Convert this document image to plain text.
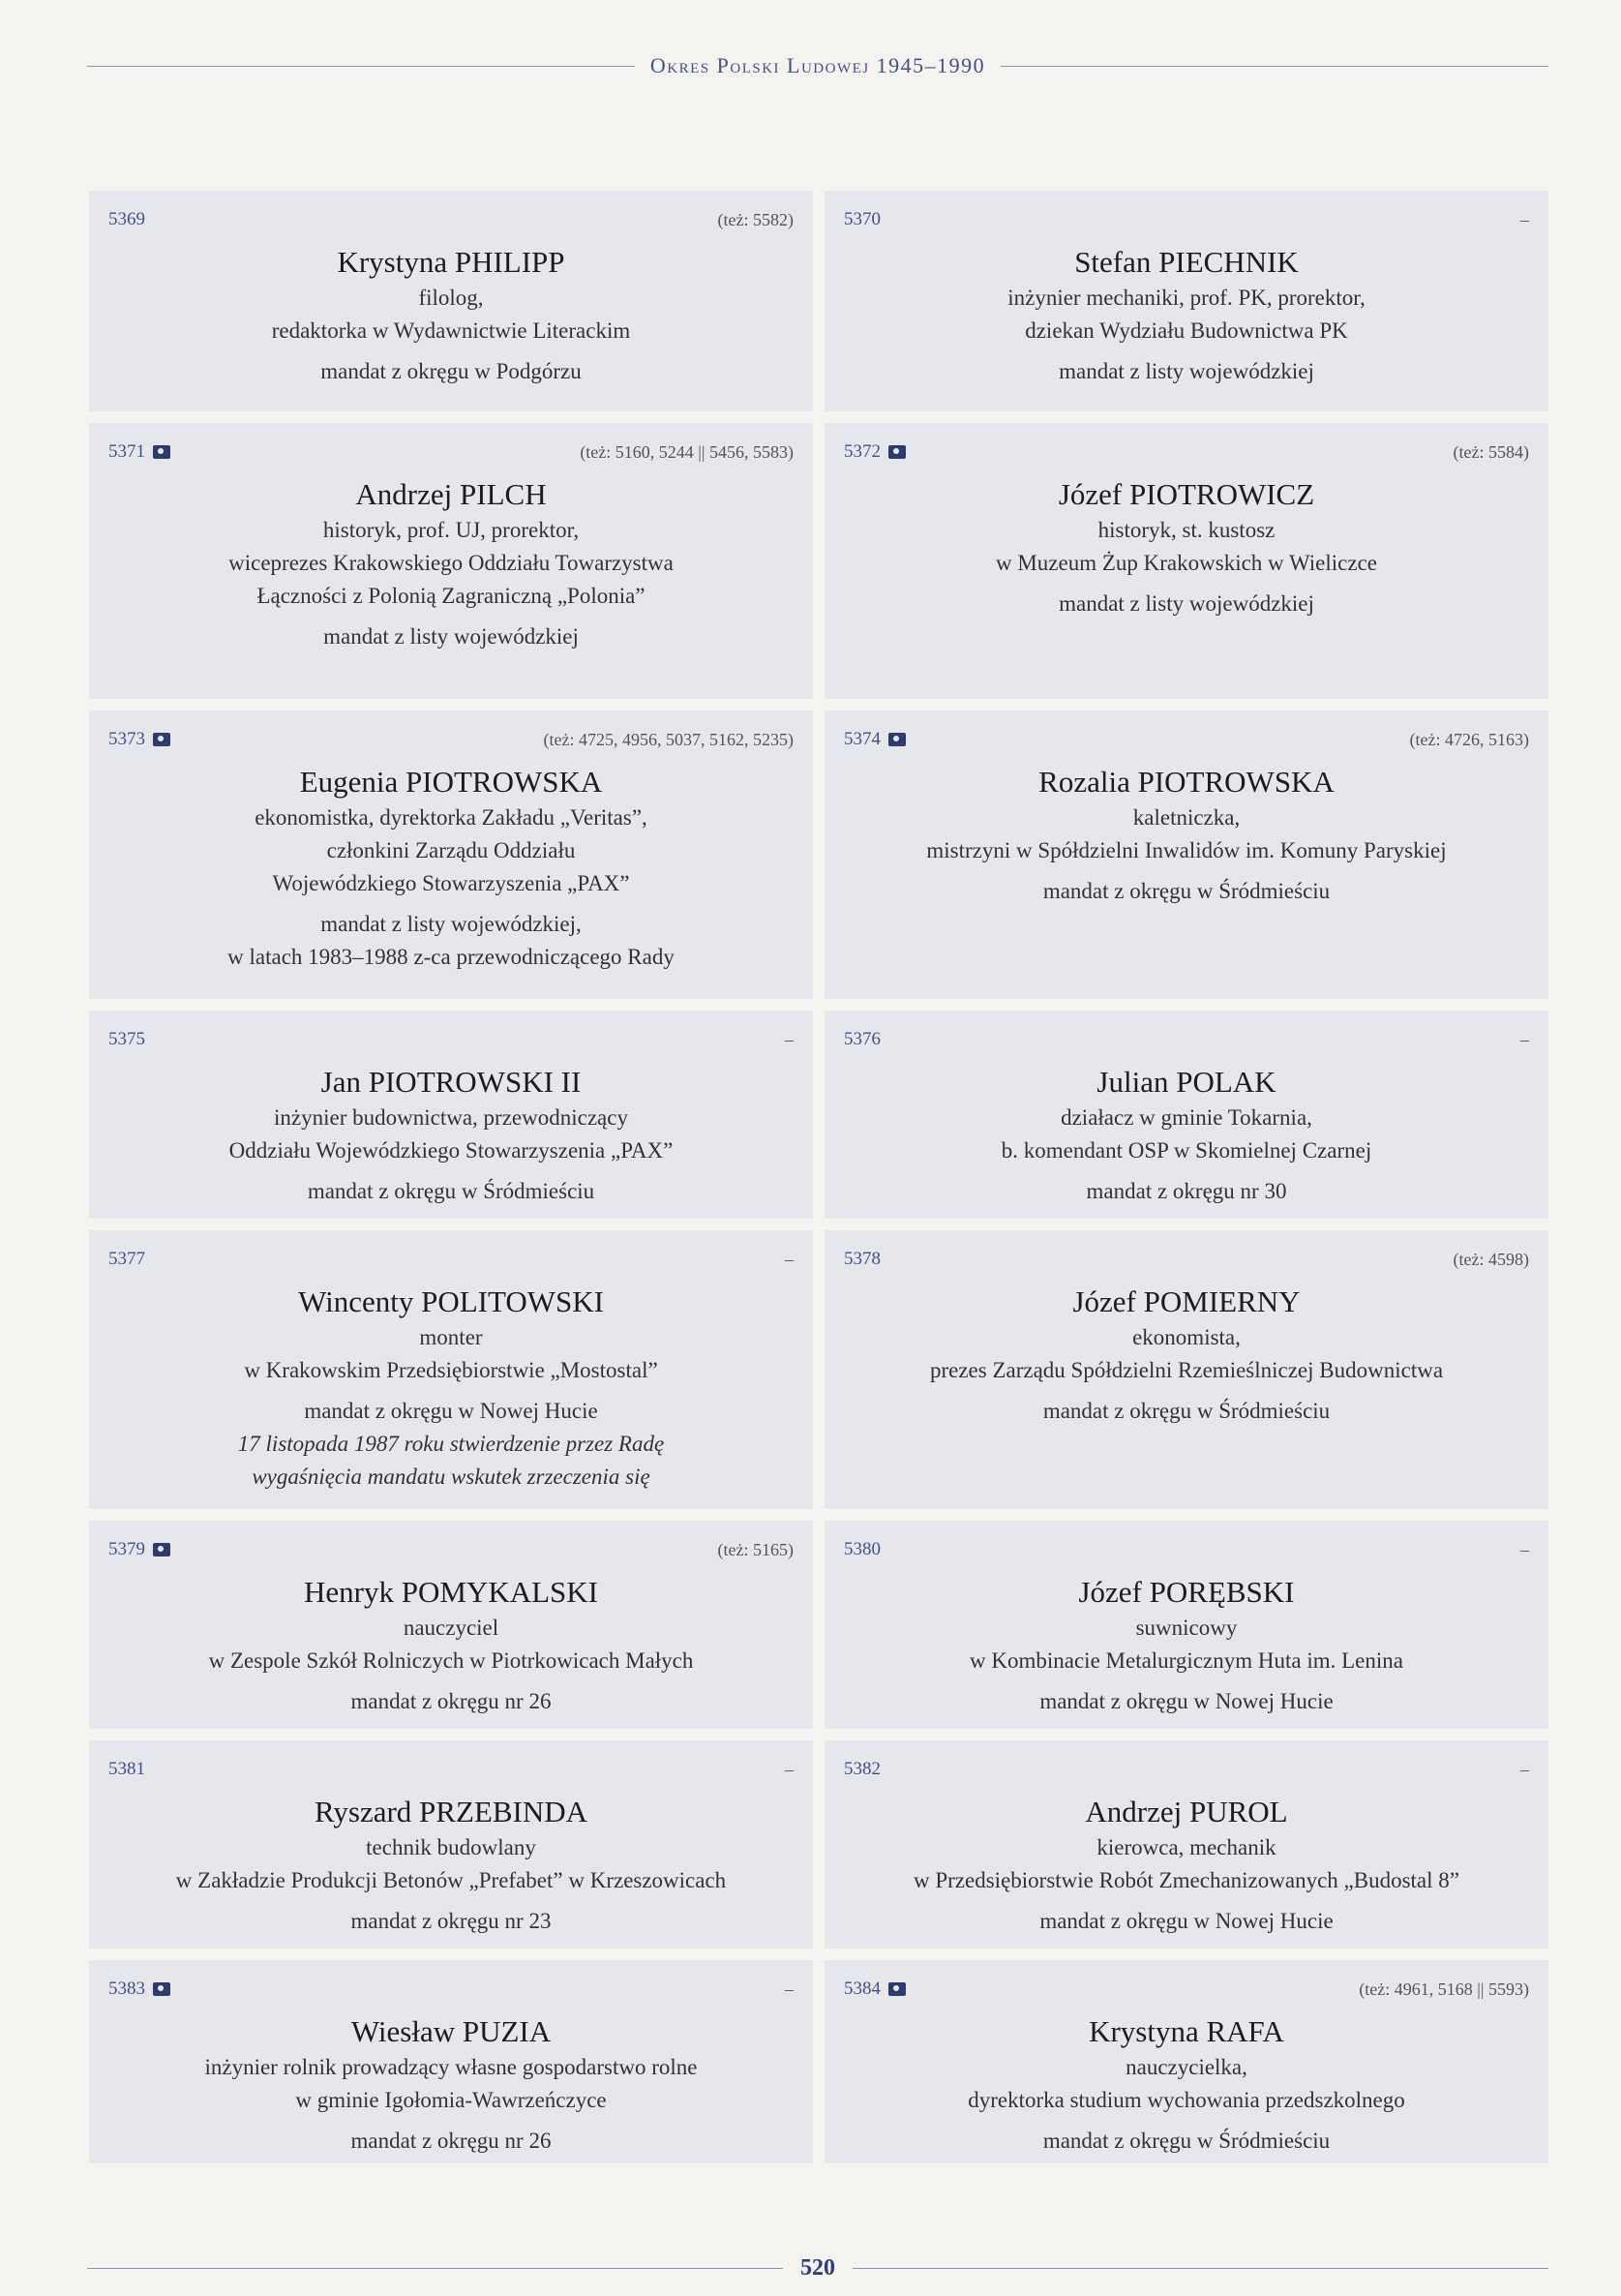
Okres Polski Ludowej 1945–1990
5369	(też: 5582)
Krystyna PHILIPP
filolog,
redaktorka w Wydawnictwie Literackim
mandat z okręgu w Podgórzu
5370	–
Stefan PIECHNIK
inżynier mechaniki, prof. PK, prorektor,
dziekan Wydziału Budownictwa PK
mandat z listy wojewódzkiej
5371	(też: 5160, 5244 || 5456, 5583)
Andrzej PILCH
historyk, prof. UJ, prorektor,
wiceprezes Krakowskiego Oddziału Towarzystwa
Łączności z Polonią Zagraniczną „Polonia”
mandat z listy wojewódzkiej
5372	(też: 5584)
Józef PIOTROWICZ
historyk, st. kustosz
w Muzeum Żup Krakowskich w Wieliczce
mandat z listy wojewódzkiej
5373	(też: 4725, 4956, 5037, 5162, 5235)
Eugenia PIOTROWSKA
ekonomistka, dyrektorka Zakładu „Veritas”,
członkini Zarządu Oddziału
Wojewódzkiego Stowarzyszenia „PAX”
mandat z listy wojewódzkiej,
w latach 1983–1988 z-ca przewodniczącego Rady
5374	(też: 4726, 5163)
Rozalia PIOTROWSKA
kaletniczka,
mistrzyni w Spółdzielni Inwalidów im. Komuny Paryskiej
mandat z okręgu w Śródmieściu
5375	–
Jan PIOTROWSKI II
inżynier budownictwa, przewodniczący
Oddziału Wojewódzkiego Stowarzyszenia „PAX”
mandat z okręgu w Śródmieściu
5376	–
Julian POLAK
działacz w gminie Tokarnia,
b. komendant OSP w Skomielnej Czarnej
mandat z okręgu nr 30
5377	–
Wincenty POLITOWSKI
monter
w Krakowskim Przedsiębiorstwie „Mostostal”
mandat z okręgu w Nowej Hucie
17 listopada 1987 roku stwierdzenie przez Radę
wygaśnięcia mandatu wskutek zrzeczenia się
5378	(też: 4598)
Józef POMIERNY
ekonomista,
prezes Zarządu Spółdzielni Rzemieślniczej Budownictwa
mandat z okręgu w Śródmieściu
5379	(też: 5165)
Henryk POMYKALSKI
nauczyciel
w Zespole Szkół Rolniczych w Piotrkowicach Małych
mandat z okręgu nr 26
5380	–
Józef PORĘBSKI
suwnicowy
w Kombinacie Metalurgicznym Huta im. Lenina
mandat z okręgu w Nowej Hucie
5381	–
Ryszard PRZEBINDA
technik budowlany
w Zakładzie Produkcji Betonów „Prefabet” w Krzeszowicach
mandat z okręgu nr 23
5382	–
Andrzej PUROL
kierowca, mechanik
w Przedsiębiorstwie Robót Zmechanizowanych „Budostal 8”
mandat z okręgu w Nowej Hucie
5383	–
Wiesław PUZIA
inżynier rolnik prowadzący własne gospodarstwo rolne
w gminie Igołomia-Wawrzeńczyce
mandat z okręgu nr 26
5384	(też: 4961, 5168 || 5593)
Krystyna RAFA
nauczycielka,
dyrektorka studium wychowania przedszkolnego
mandat z okręgu w Śródmieściu
520
